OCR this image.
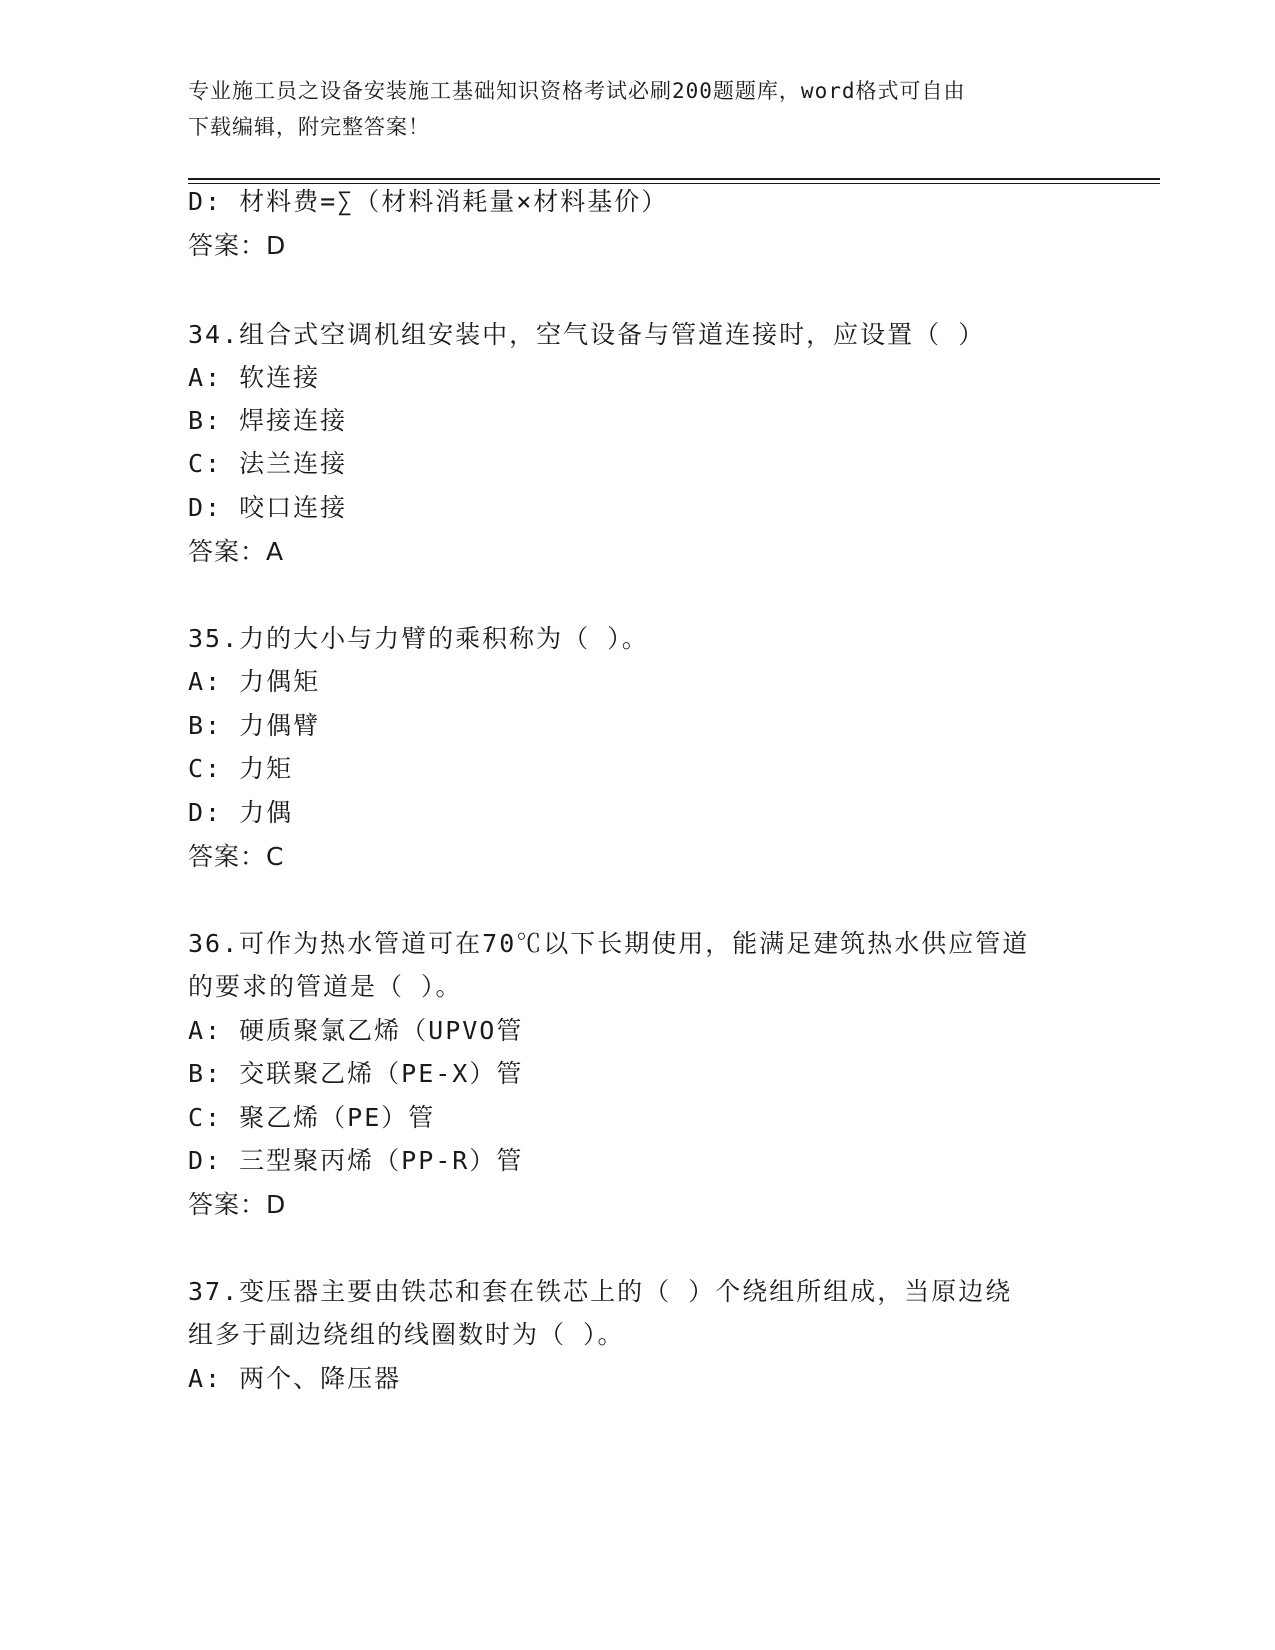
专业施工员之设备安装施工基础知识资格考试必刷200题题库，word格式可自由
下载编辑，附完整答案！

D: 材料费=∑（材料消耗量×材料基价）
答案：D
34.组合式空调机组安装中，空气设备与管道连接时，应设置（ ）
A: 软连接
B: 焊接连接
C: 法兰连接
D: 咬口连接
答案：A
35.力的大小与力臂的乘积称为（ ）。
A: 力偶矩
B: 力偶臂
C: 力矩
D: 力偶
答案：C
36.可作为热水管道可在70℃以下长期使用，能满足建筑热水供应管道
的要求的管道是（ ）。
A: 硬质聚氯乙烯（UPVO管
B: 交联聚乙烯（PE-X）管
C: 聚乙烯（PE）管
D: 三型聚丙烯（PP-R）管
答案：D
37.变压器主要由铁芯和套在铁芯上的（ ）个绕组所组成，当原边绕
组多于副边绕组的线圈数时为（ ）。
A: 两个、降压器
